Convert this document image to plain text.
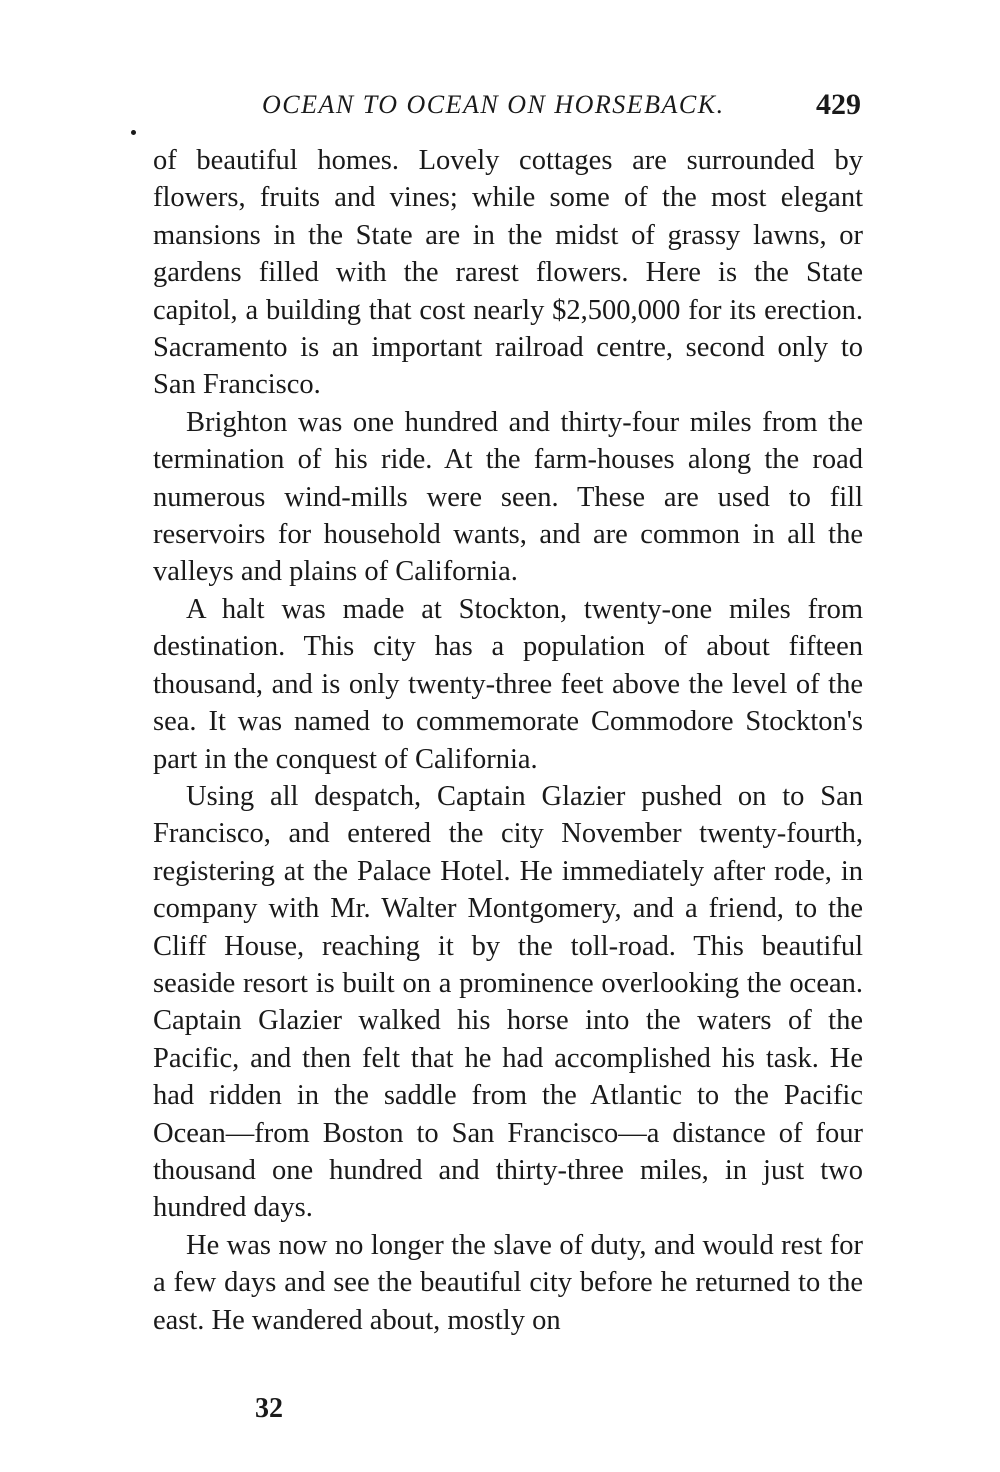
OCEAN TO OCEAN ON HORSEBACK.	429

of beautiful homes. Lovely cottages are surrounded by flowers, fruits and vines; while some of the most elegant mansions in the State are in the midst of grassy lawns, or gardens filled with the rarest flowers. Here is the State capitol, a building that cost nearly $2,500,000 for its erection. Sacramento is an important railroad centre, second only to San Francisco.

Brighton was one hundred and thirty-four miles from the termination of his ride. At the farm-houses along the road numerous wind-mills were seen. These are used to fill reservoirs for household wants, and are common in all the valleys and plains of California.

A halt was made at Stockton, twenty-one miles from destination. This city has a population of about fifteen thousand, and is only twenty-three feet above the level of the sea. It was named to commemorate Commodore Stockton's part in the conquest of California.

Using all despatch, Captain Glazier pushed on to San Francisco, and entered the city November twenty-fourth, registering at the Palace Hotel. He immediately after rode, in company with Mr. Walter Montgomery, and a friend, to the Cliff House, reaching it by the toll-road. This beautiful seaside resort is built on a prominence overlooking the ocean. Captain Glazier walked his horse into the waters of the Pacific, and then felt that he had accomplished his task. He had ridden in the saddle from the Atlantic to the Pacific Ocean—from Boston to San Francisco—a distance of four thousand one hundred and thirty-three miles, in just two hundred days.

He was now no longer the slave of duty, and would rest for a few days and see the beautiful city before he returned to the east. He wandered about, mostly on

32
